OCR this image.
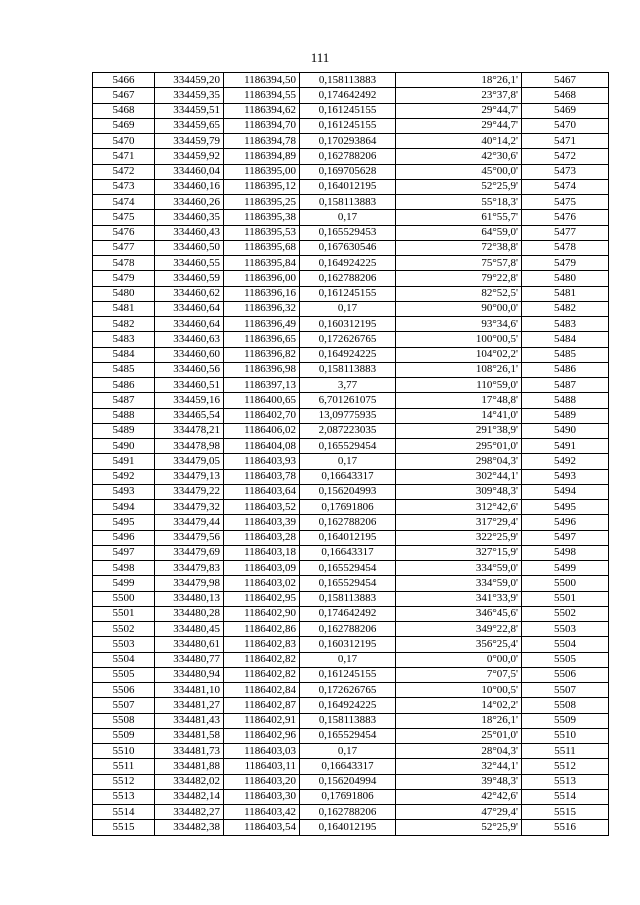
111
5466	334459,20	1186394,50	0,158113883	18°26,1'	5467
5467	334459,35	1186394,55	0,174642492	23°37,8'	5468
5468	334459,51	1186394,62	0,161245155	29°44,7'	5469
5469	334459,65	1186394,70	0,161245155	29°44,7'	5470
5470	334459,79	1186394,78	0,170293864	40°14,2'	5471
5471	334459,92	1186394,89	0,162788206	42°30,6'	5472
5472	334460,04	1186395,00	0,169705628	45°00,0'	5473
5473	334460,16	1186395,12	0,164012195	52°25,9'	5474
5474	334460,26	1186395,25	0,158113883	55°18,3'	5475
5475	334460,35	1186395,38	0,17	61°55,7'	5476
5476	334460,43	1186395,53	0,165529453	64°59,0'	5477
5477	334460,50	1186395,68	0,167630546	72°38,8'	5478
5478	334460,55	1186395,84	0,164924225	75°57,8'	5479
5479	334460,59	1186396,00	0,162788206	79°22,8'	5480
5480	334460,62	1186396,16	0,161245155	82°52,5'	5481
5481	334460,64	1186396,32	0,17	90°00,0'	5482
5482	334460,64	1186396,49	0,160312195	93°34,6'	5483
5483	334460,63	1186396,65	0,172626765	100°00,5'	5484
5484	334460,60	1186396,82	0,164924225	104°02,2'	5485
5485	334460,56	1186396,98	0,158113883	108°26,1'	5486
5486	334460,51	1186397,13	3,77	110°59,0'	5487
5487	334459,16	1186400,65	6,701261075	17°48,8'	5488
5488	334465,54	1186402,70	13,09775935	14°41,0'	5489
5489	334478,21	1186406,02	2,087223035	291°38,9'	5490
5490	334478,98	1186404,08	0,165529454	295°01,0'	5491
5491	334479,05	1186403,93	0,17	298°04,3'	5492
5492	334479,13	1186403,78	0,16643317	302°44,1'	5493
5493	334479,22	1186403,64	0,156204993	309°48,3'	5494
5494	334479,32	1186403,52	0,17691806	312°42,6'	5495
5495	334479,44	1186403,39	0,162788206	317°29,4'	5496
5496	334479,56	1186403,28	0,164012195	322°25,9'	5497
5497	334479,69	1186403,18	0,16643317	327°15,9'	5498
5498	334479,83	1186403,09	0,165529454	334°59,0'	5499
5499	334479,98	1186403,02	0,165529454	334°59,0'	5500
5500	334480,13	1186402,95	0,158113883	341°33,9'	5501
5501	334480,28	1186402,90	0,174642492	346°45,6'	5502
5502	334480,45	1186402,86	0,162788206	349°22,8'	5503
5503	334480,61	1186402,83	0,160312195	356°25,4'	5504
5504	334480,77	1186402,82	0,17	0°00,0'	5505
5505	334480,94	1186402,82	0,161245155	7°07,5'	5506
5506	334481,10	1186402,84	0,172626765	10°00,5'	5507
5507	334481,27	1186402,87	0,164924225	14°02,2'	5508
5508	334481,43	1186402,91	0,158113883	18°26,1'	5509
5509	334481,58	1186402,96	0,165529454	25°01,0'	5510
5510	334481,73	1186403,03	0,17	28°04,3'	5511
5511	334481,88	1186403,11	0,16643317	32°44,1'	5512
5512	334482,02	1186403,20	0,156204994	39°48,3'	5513
5513	334482,14	1186403,30	0,17691806	42°42,6'	5514
5514	334482,27	1186403,42	0,162788206	47°29,4'	5515
5515	334482,38	1186403,54	0,164012195	52°25,9'	5516
